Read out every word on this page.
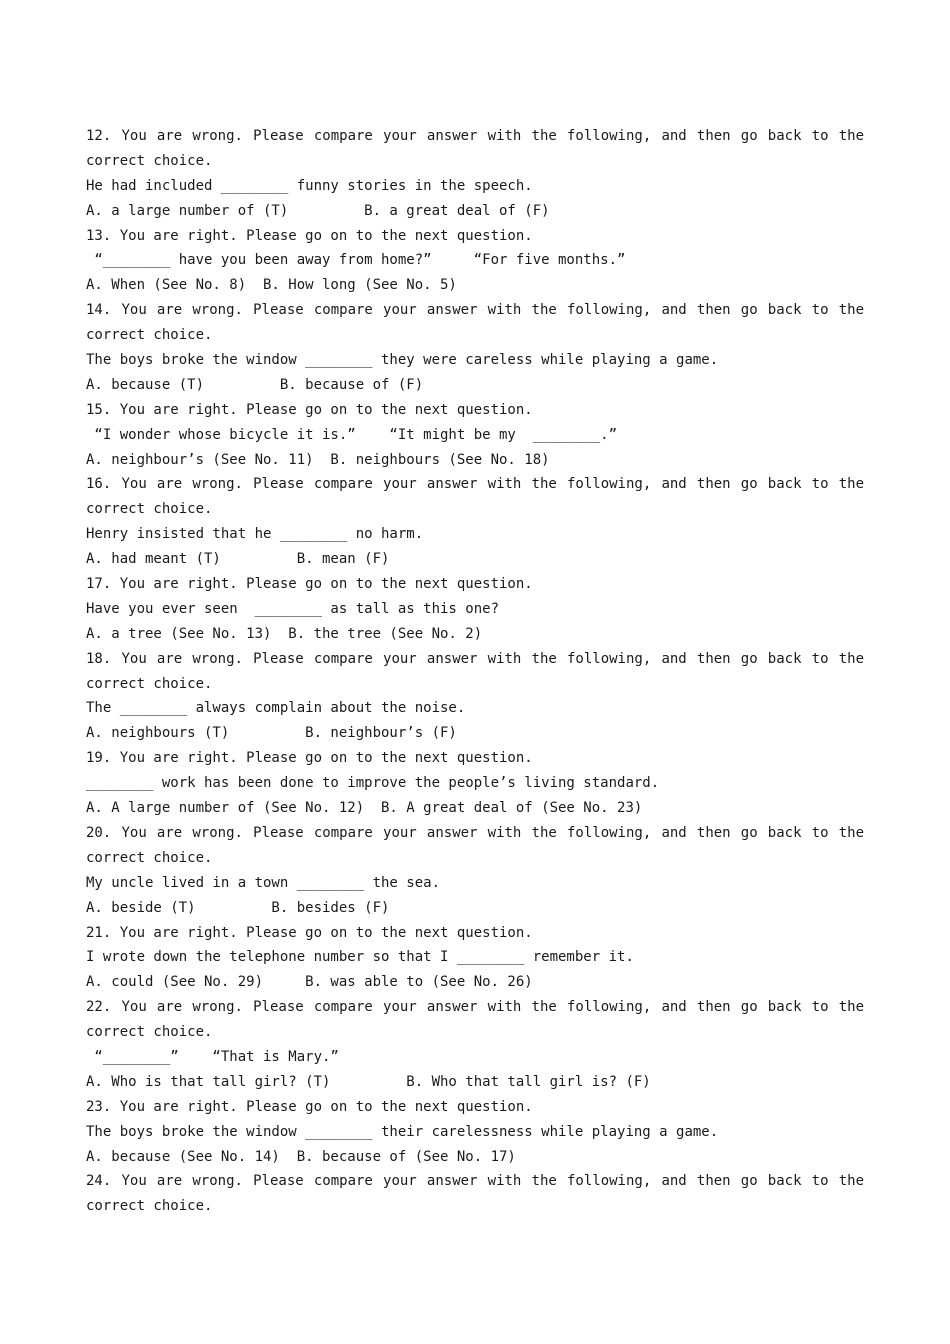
12. You are wrong. Please compare your answer with the following, and then go back to the
correct choice.
He had included ________ funny stories in the speech.
A. a large number of (T)         B. a great deal of (F)
13. You are right. Please go on to the next question.
“________ have you been away from home?”     “For five months.”
A. When (See No. 8)  B. How long (See No. 5)
14. You are wrong. Please compare your answer with the following, and then go back to the
correct choice.
The boys broke the window ________ they were careless while playing a game.
A. because (T)         B. because of (F)
15. You are right. Please go on to the next question.
“I wonder whose bicycle it is.”    “It might be my  ________.”
A. neighbour’s (See No. 11)  B. neighbours (See No. 18)
16. You are wrong. Please compare your answer with the following, and then go back to the
correct choice.
Henry insisted that he ________ no harm.
A. had meant (T)         B. mean (F)
17. You are right. Please go on to the next question.
Have you ever seen  ________ as tall as this one?
A. a tree (See No. 13)  B. the tree (See No. 2)
18. You are wrong. Please compare your answer with the following, and then go back to the
correct choice.
The ________ always complain about the noise.
A. neighbours (T)         B. neighbour’s (F)
19. You are right. Please go on to the next question.
________ work has been done to improve the people’s living standard.
A. A large number of (See No. 12)  B. A great deal of (See No. 23)
20. You are wrong. Please compare your answer with the following, and then go back to the
correct choice.
My uncle lived in a town ________ the sea.
A. beside (T)         B. besides (F)
21. You are right. Please go on to the next question.
I wrote down the telephone number so that I ________ remember it.
A. could (See No. 29)     B. was able to (See No. 26)
22. You are wrong. Please compare your answer with the following, and then go back to the
correct choice.
“________”    “That is Mary.”
A. Who is that tall girl? (T)         B. Who that tall girl is? (F)
23. You are right. Please go on to the next question.
The boys broke the window ________ their carelessness while playing a game.
A. because (See No. 14)  B. because of (See No. 17)
24. You are wrong. Please compare your answer with the following, and then go back to the
correct choice.
